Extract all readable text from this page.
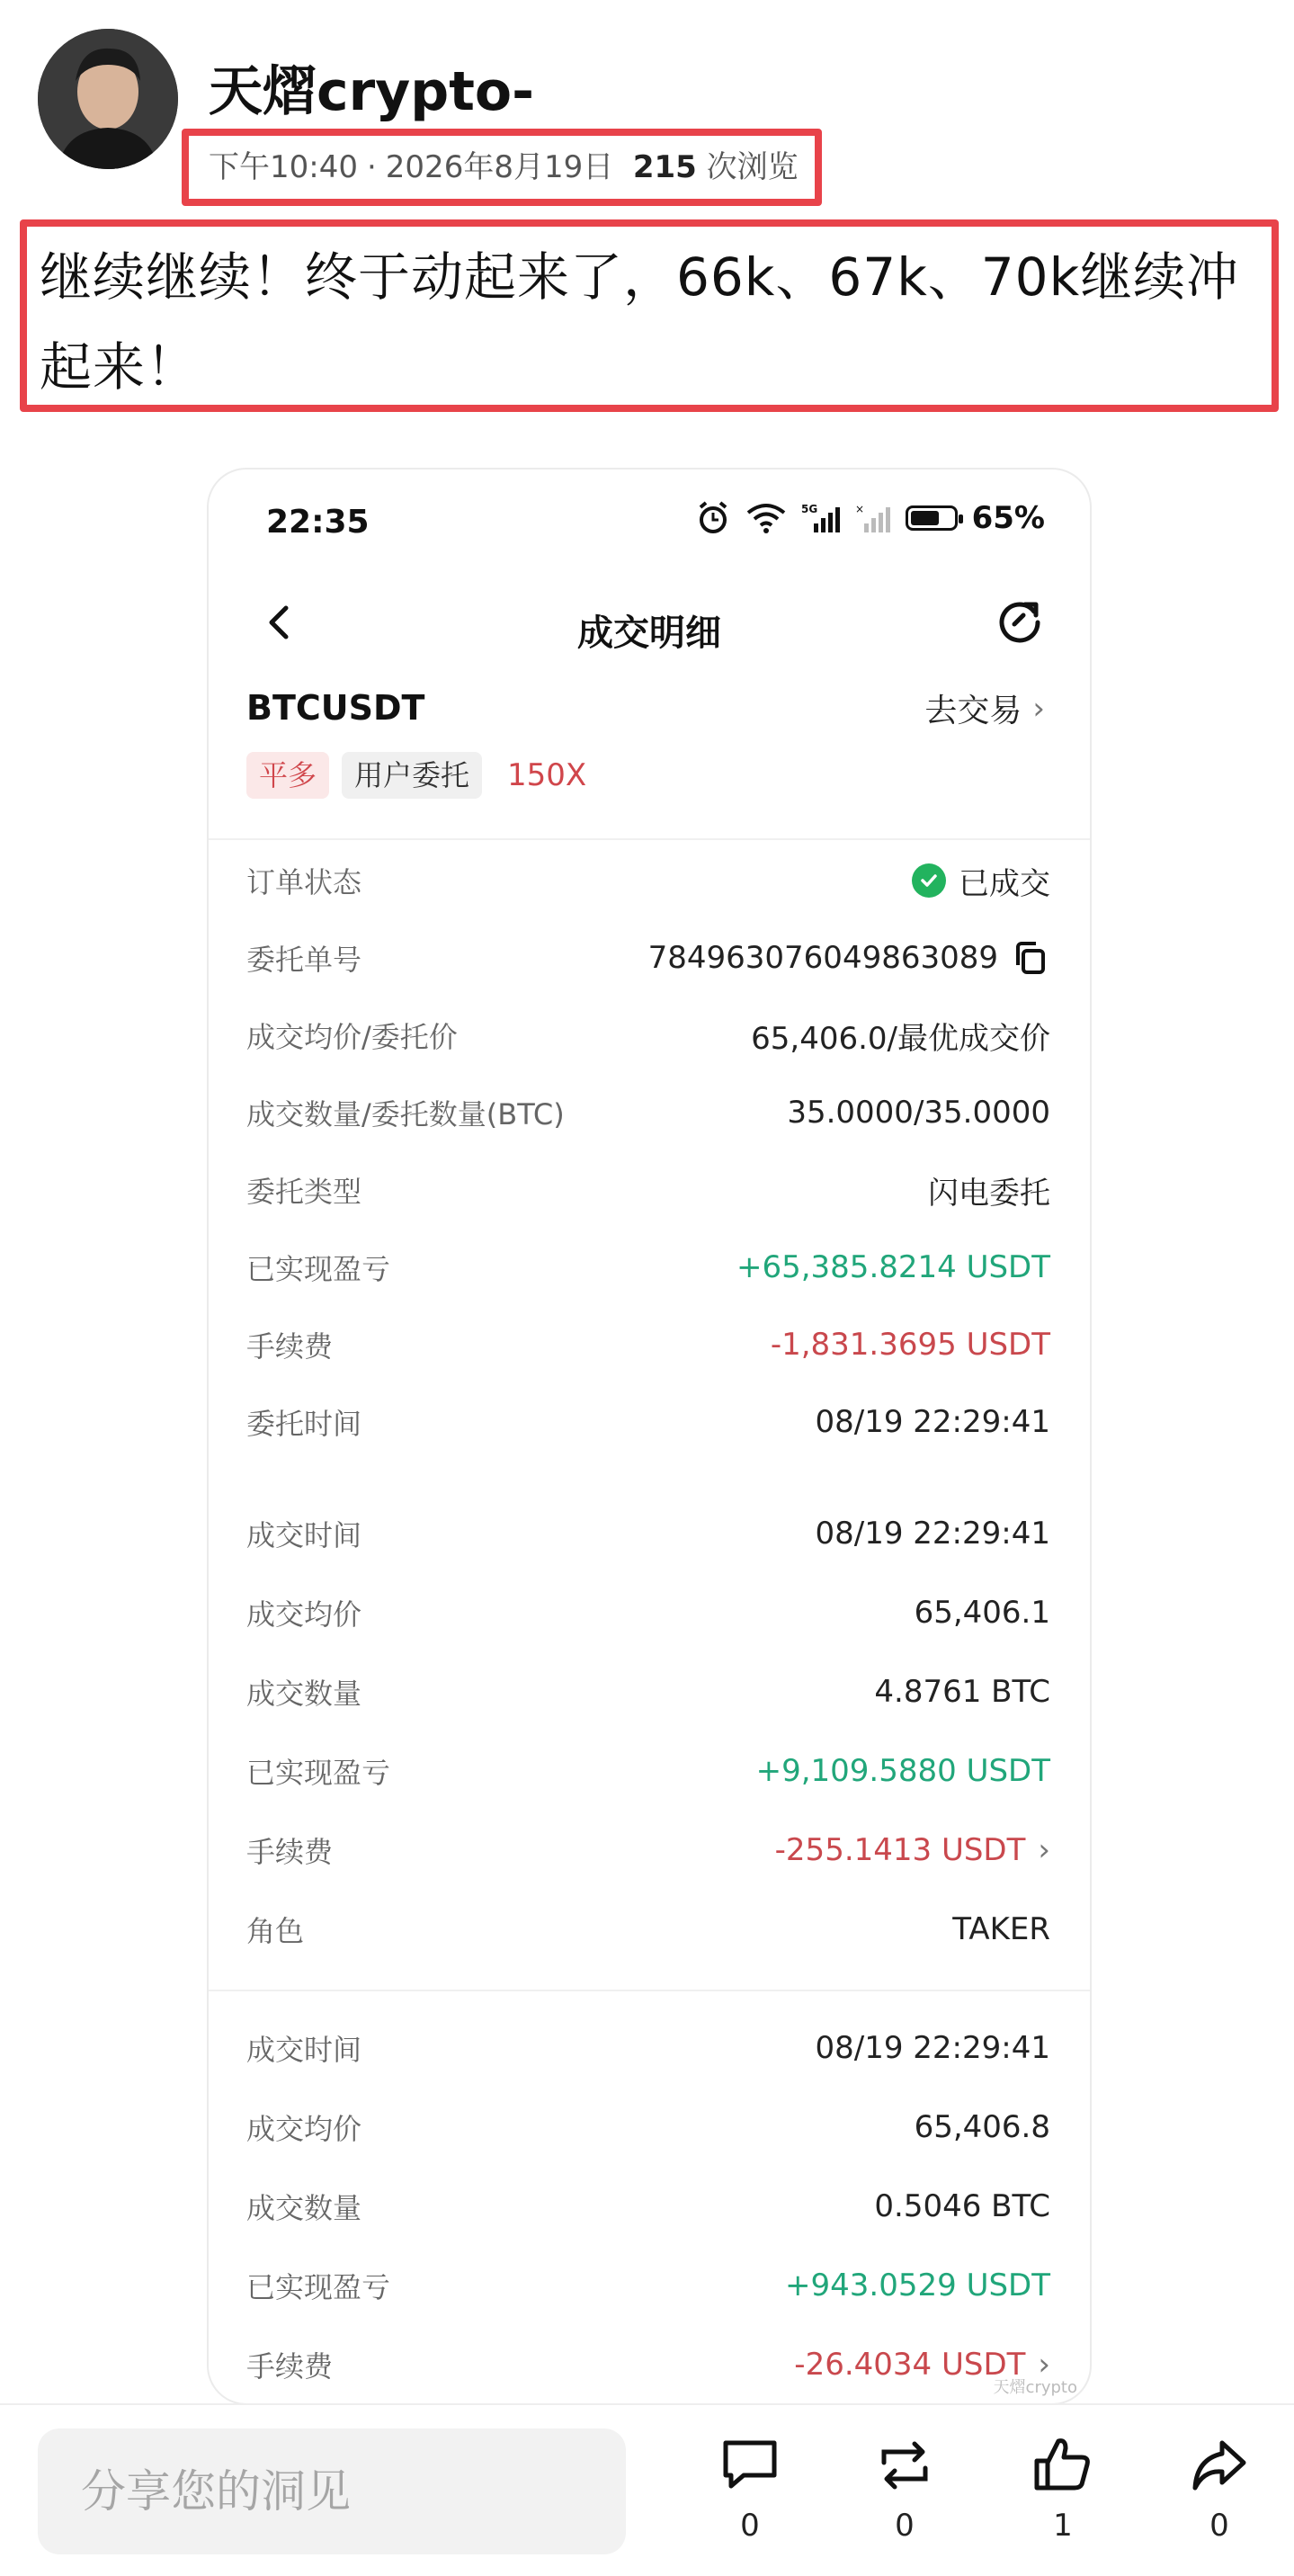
天熠crypto-
下午10:40 · 2026年8月19日 215 次浏览
继续继续！终于动起来了，66k、67k、70k继续冲起来！
22:35	5G	×	65%
成交明细
BTCUSDT	去交易 ›
平多	用户委托	150X
订单状态	已成交
委托单号	784963076049863089
成交均价/委托价	65,406.0/最优成交价
成交数量/委托数量(BTC)	35.0000/35.0000
委托类型	闪电委托
已实现盈亏	+65,385.8214 USDT
手续费	-1,831.3695 USDT
委托时间	08/19 22:29:41
成交时间	08/19 22:29:41
成交均价	65,406.1
成交数量	4.8761 BTC
已实现盈亏	+9,109.5880 USDT
手续费	-255.1413 USDT ›
角色	TAKER
成交时间	08/19 22:29:41
成交均价	65,406.8
成交数量	0.5046 BTC
已实现盈亏	+943.0529 USDT
手续费	-26.4034 USDT ›
天熠crypto
分享您的洞见
0	0	1	0
